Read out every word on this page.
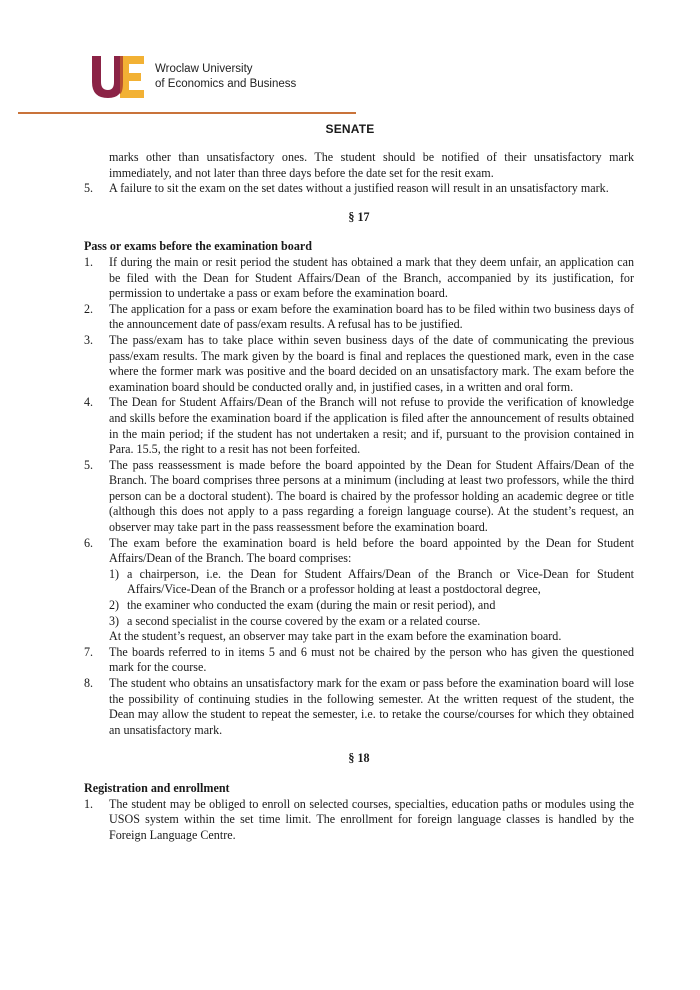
Wroclaw University
of Economics and Business
SENATE
marks other than unsatisfactory ones. The student should be notified of their unsatisfactory mark immediately, and not later than three days before the date set for the resit exam.
5. A failure to sit the exam on the set dates without a justified reason will result in an unsatisfactory mark.
§ 17
Pass or exams before the examination board
1. If during the main or resit period the student has obtained a mark that they deem unfair, an application can be filed with the Dean for Student Affairs/Dean of the Branch, accompanied by its justification, for permission to undertake a pass or exam before the examination board.
2. The application for a pass or exam before the examination board has to be filed within two business days of the announcement date of pass/exam results. A refusal has to be justified.
3. The pass/exam has to take place within seven business days of the date of communicating the previous pass/exam results. The mark given by the board is final and replaces the questioned mark, even in the case where the former mark was positive and the board decided on an unsatisfactory mark. The exam before the examination board should be conducted orally and, in justified cases, in a written and oral form.
4. The Dean for Student Affairs/Dean of the Branch will not refuse to provide the verification of knowledge and skills before the examination board if the application is filed after the announcement of results obtained in the main period; if the student has not undertaken a resit; and if, pursuant to the provision contained in Para. 15.5, the right to a resit has not been forfeited.
5. The pass reassessment is made before the board appointed by the Dean for Student Affairs/Dean of the Branch. The board comprises three persons at a minimum (including at least two professors, while the third person can be a doctoral student). The board is chaired by the professor holding an academic degree or title (although this does not apply to a pass regarding a foreign language course). At the student’s request, an observer may take part in the pass reassessment before the examination board.
6. The exam before the examination board is held before the board appointed by the Dean for Student Affairs/Dean of the Branch. The board comprises:
1) a chairperson, i.e. the Dean for Student Affairs/Dean of the Branch or Vice-Dean for Student Affairs/Vice-Dean of the Branch or a professor holding at least a postdoctoral degree,
2) the examiner who conducted the exam (during the main or resit period), and
3) a second specialist in the course covered by the exam or a related course.
At the student’s request, an observer may take part in the exam before the examination board.
7. The boards referred to in items 5 and 6 must not be chaired by the person who has given the questioned mark for the course.
8. The student who obtains an unsatisfactory mark for the exam or pass before the examination board will lose the possibility of continuing studies in the following semester. At the written request of the student, the Dean may allow the student to repeat the semester, i.e. to retake the course/courses for which they obtained an unsatisfactory mark.
§ 18
Registration and enrollment
1. The student may be obliged to enroll on selected courses, specialties, education paths or modules using the USOS system within the set time limit. The enrollment for foreign language classes is handled by the Foreign Language Centre.
